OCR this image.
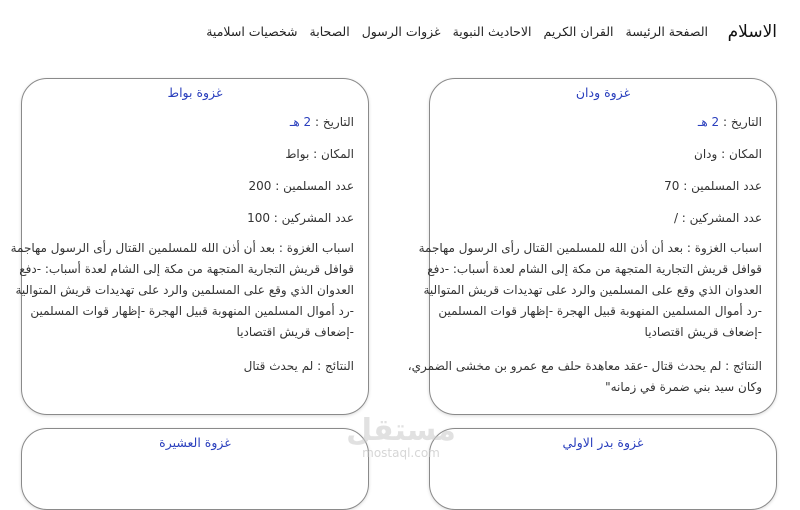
الاسلام
الصفحة الرئيسة
القران الكريم
الاحاديث النبوية
غزوات الرسول
الصحابة
شخصيات اسلامية
غزوة ودان
التاريخ : 2 هـ
المكان : ودان
عدد المسلمين : 70
عدد المشركين : /
اسباب الغزوة : بعد أن أذن الله للمسلمين القتال رأى الرسول مهاجمة
قوافل قريش التجارية المتجهة من مكة إلى الشام لعدة أسباب: -دفع
العدوان الذي وقع على المسلمين والرد على تهديدات قريش المتوالية
-رد أموال المسلمين المنهوبة قبيل الهجرة -إظهار قوات المسلمين
-إضعاف قريش اقتصاديا
النتائج : لم يحدث قتال -عقد معاهدة حلف مع عمرو بن مخشى الضمري،
وكان سيد بني ضمرة في زمانه"
غزوة بواط
التاريخ : 2 هـ
المكان : بواط
عدد المسلمين : 200
عدد المشركين : 100
اسباب الغزوة : بعد أن أذن الله للمسلمين القتال رأى الرسول مهاجمة
قوافل قريش التجارية المتجهة من مكة إلى الشام لعدة أسباب: -دفع
العدوان الذي وقع على المسلمين والرد على تهديدات قريش المتوالية
-رد أموال المسلمين المنهوبة قبيل الهجرة -إظهار قوات المسلمين
-إضعاف قريش اقتصاديا
النتائج : لم يحدث قتال
غزوة بدر الاولي
غزوة العشيرة	مستقل
mostaql.com
